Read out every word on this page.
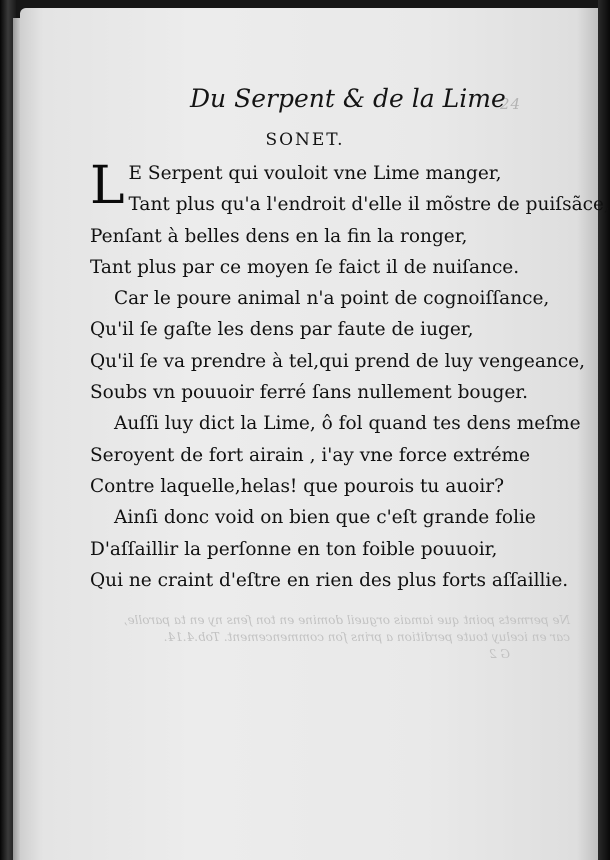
24
Du Serpent & de la Lime
SONET.
L E Serpent qui vouloit vne Lime manger,
Tant plus qu'a l'endroit d'elle il mõstre de puiſsãce,
Penſant à belles dens en la fin la ronger,
Tant plus par ce moyen ſe faict il de nuiſance.
Car le poure animal n'a point de cognoiſſance,
Qu'il ſe gaſte les dens par faute de iuger,
Qu'il ſe va prendre à tel,qui prend de luy vengeance,
Soubs vn pouuoir ferré ſans nullement bouger.
Auſſi luy dict la Lime, ô fol quand tes dens meſme
Seroyent de fort airain , i'ay vne force extréme
Contre laquelle,helas! que pourois tu auoir?
Ainſi donc void on bien que c'eſt grande folie
D'aſſaillir la perſonne en ton foible pouuoir,
Qui ne craint d'eſtre en rien des plus forts aſſaillie.
Ne permets point que iamais orgueil domine en ton ſens ny en ta parolle,
car en iceluy toute perdition a prins ſon commencement. Tob.4.14.
G 2
